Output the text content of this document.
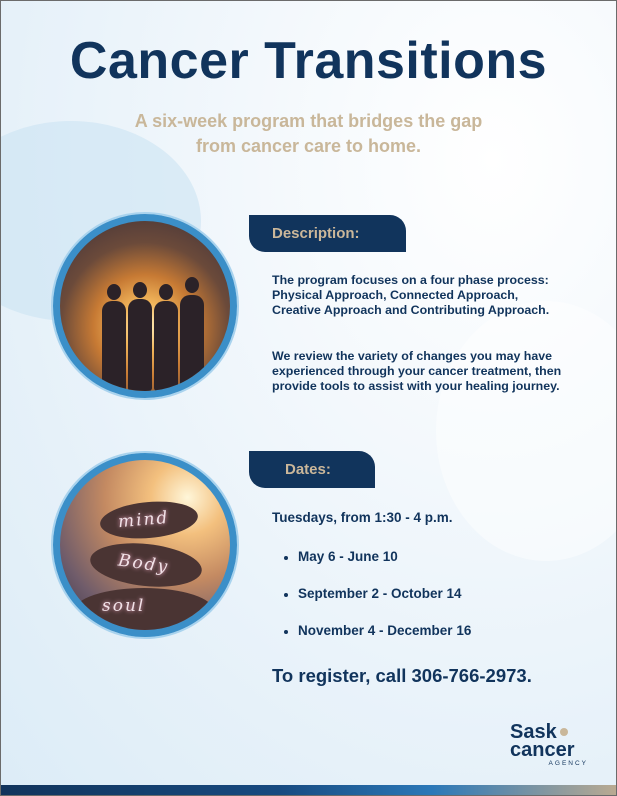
Cancer Transitions
A six-week program that bridges the gap
from cancer care to home.
mind
Body
soul
Description:

The program focuses on a four phase process: Physical Approach, Connected Approach, Creative Approach and Contributing Approach.

We review the variety of changes you may have experienced through your cancer treatment, then provide tools to assist with your healing journey.

Dates:
Tuesdays, from 1:30 - 4 p.m.
May 6 - June 10
September 2 - October 14
November 4 - December 16
To register, call 306-766-2973.
Sask
cancer
AGENCY
